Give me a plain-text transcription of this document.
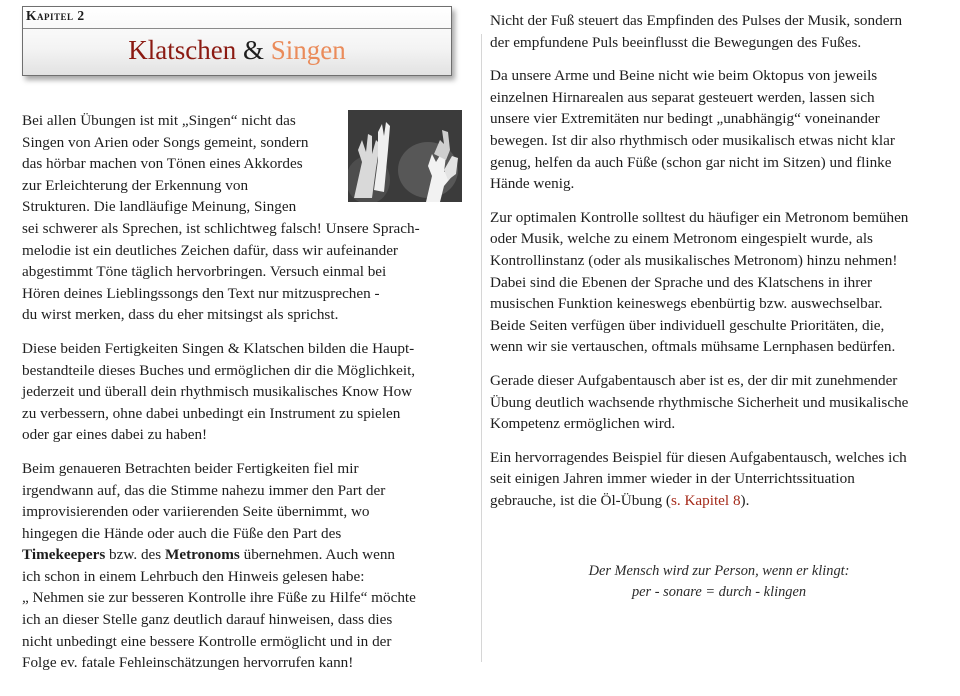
Kapitel 2
Klatschen & Singen

Bei allen Übungen ist mit „Singen“ nicht das
Singen von Arien oder Songs gemeint, sondern
das hörbar machen von Tönen eines Akkordes
zur Erleichterung der Erkennung von
Strukturen. Die landläufige Meinung, Singen
sei schwerer als Sprechen, ist schlichtweg falsch! Unsere Sprach-
melodie ist ein deutliches Zeichen dafür, dass wir aufeinander
abgestimmt Töne täglich hervorbringen. Versuch einmal bei
Hören deines Lieblingssongs den Text nur mitzusprechen -
du wirst merken, dass du eher mitsingst als sprichst.

Diese beiden Fertigkeiten Singen & Klatschen bilden die Haupt-
bestandteile dieses Buches und ermöglichen dir die Möglichkeit,
jederzeit und überall dein rhythmisch musikalisches Know How
zu verbessern, ohne dabei unbedingt ein Instrument zu spielen
oder gar eines dabei zu haben!

Beim genaueren Betrachten beider Fertigkeiten fiel mir
irgendwann auf, das die Stimme nahezu immer den Part der
improvisierenden oder variierenden Seite übernimmt, wo
hingegen die Hände oder auch die Füße den Part des
Timekeepers bzw. des Metronoms übernehmen. Auch wenn
ich schon in einem Lehrbuch den Hinweis gelesen habe:
„ Nehmen sie zur besseren Kontrolle ihre Füße zu Hilfe“ möchte
ich an dieser Stelle ganz deutlich darauf hinweisen, dass dies
nicht unbedingt eine bessere Kontrolle ermöglicht und in der
Folge ev. fatale Fehleinschätzungen hervorrufen kann!

Nicht der Fuß steuert das Empfinden des Pulses der Musik, sondern
der empfundene Puls beeinflusst die Bewegungen des Fußes.

Da unsere Arme und Beine nicht wie beim Oktopus von jeweils
einzelnen Hirnarealen aus separat gesteuert werden, lassen sich
unsere vier Extremitäten nur bedingt „unabhängig“ voneinander
bewegen. Ist dir also rhythmisch oder musikalisch etwas nicht klar
genug, helfen da auch Füße (schon gar nicht im Sitzen) und flinke
Hände wenig.

Zur optimalen Kontrolle solltest du häufiger ein Metronom bemühen
oder Musik, welche zu einem Metronom eingespielt wurde, als
Kontrollinstanz (oder als musikalisches Metronom) hinzu nehmen!
Dabei sind die Ebenen der Sprache und des Klatschens in ihrer
musischen Funktion keineswegs ebenbürtig bzw. auswechselbar.
Beide Seiten verfügen über individuell geschulte Prioritäten, die,
wenn wir sie vertauschen, oftmals mühsame Lernphasen bedürfen.

Gerade dieser Aufgabentausch aber ist es, der dir mit zunehmender
Übung deutlich wachsende rhythmische Sicherheit und musikalische
Kompetenz ermöglichen wird.

Ein hervorragendes Beispiel für diesen Aufgabentausch, welches ich
seit einigen Jahren immer wieder in der Unterrichtssituation
gebrauche, ist die Öl-Übung (s. Kapitel 8).

Der Mensch wird zur Person, wenn er klingt:
per - sonare = durch - klingen
